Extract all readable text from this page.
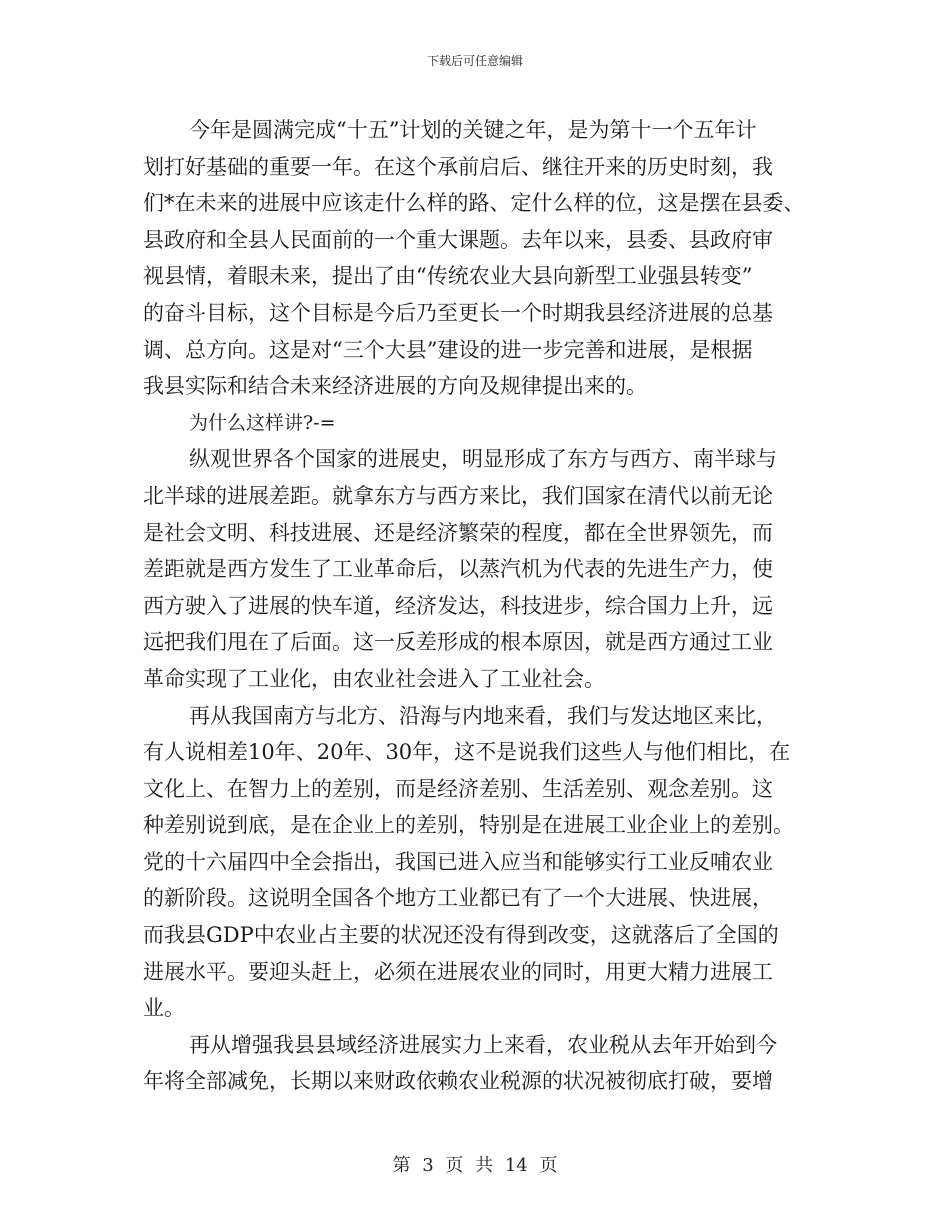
下载后可任意编辑
今年是圆满完成“十五”计划的关键之年，是为第十一个五年计
划打好基础的重要一年。在这个承前启后、继往开来的历史时刻，我
们*在未来的进展中应该走什么样的路、定什么样的位，这是摆在县委、
县政府和全县人民面前的一个重大课题。去年以来，县委、县政府审
视县情，着眼未来，提出了由“传统农业大县向新型工业强县转变”
的奋斗目标，这个目标是今后乃至更长一个时期我县经济进展的总基
调、总方向。这是对“三个大县”建设的进一步完善和进展，是根据
我县实际和结合未来经济进展的方向及规律提出来的。
为什么这样讲?-=
纵观世界各个国家的进展史，明显形成了东方与西方、南半球与
北半球的进展差距。就拿东方与西方来比，我们国家在清代以前无论
是社会文明、科技进展、还是经济繁荣的程度，都在全世界领先，而
差距就是西方发生了工业革命后，以蒸汽机为代表的先进生产力，使
西方驶入了进展的快车道，经济发达，科技进步，综合国力上升，远
远把我们甩在了后面。这一反差形成的根本原因，就是西方通过工业
革命实现了工业化，由农业社会进入了工业社会。
再从我国南方与北方、沿海与内地来看，我们与发达地区来比，
有人说相差10年、20年、30年，这不是说我们这些人与他们相比，在
文化上、在智力上的差别，而是经济差别、生活差别、观念差别。这
种差别说到底，是在企业上的差别，特别是在进展工业企业上的差别。
党的十六届四中全会指出，我国已进入应当和能够实行工业反哺农业
的新阶段。这说明全国各个地方工业都已有了一个大进展、快进展，
而我县GDP中农业占主要的状况还没有得到改变，这就落后了全国的
进展水平。要迎头赶上，必须在进展农业的同时，用更大精力进展工
业。
再从增强我县县域经济进展实力上来看，农业税从去年开始到今
年将全部减免，长期以来财政依赖农业税源的状况被彻底打破，要增
第 3 页 共 14 页
